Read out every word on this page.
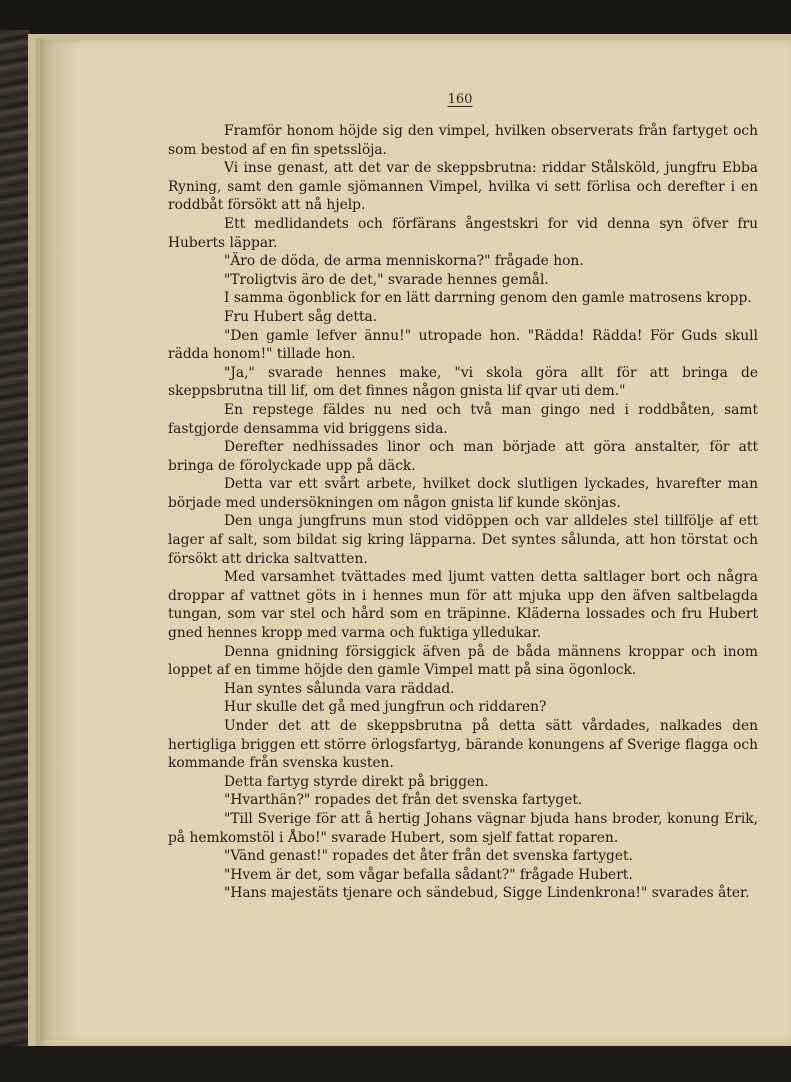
160

Framför honom höjde sig den vimpel, hvilken observerats från fartyget och som bestod af en fin spetsslöja.

Vi inse genast, att det var de skeppsbrutna: riddar Stålsköld, jungfru Ebba Ryning, samt den gamle sjömannen Vimpel, hvilka vi sett förlisa och derefter i en roddbåt försökt att nå hjelp.

Ett medlidandets och förfärans ångestskri for vid denna syn öfver fru Huberts läppar.

"Äro de döda, de arma menniskorna?" frågade hon.

"Troligtvis äro de det," svarade hennes gemål.

I samma ögonblick for en lätt darrning genom den gamle matrosens kropp.

Fru Hubert såg detta.

"Den gamle lefver ännu!" utropade hon. "Rädda! Rädda! För Guds skull rädda honom!" tillade hon.

"Ja," svarade hennes make, "vi skola göra allt för att bringa de skeppsbrutna till lif, om det finnes någon gnista lif qvar uti dem."

En repstege fäldes nu ned och två man gingo ned i roddbåten, samt fastgjorde densamma vid briggens sida.

Derefter nedhissades linor och man började att göra anstalter, för att bringa de förolyckade upp på däck.

Detta var ett svårt arbete, hvilket dock slutligen lyckades, hvarefter man började med undersökningen om någon gnista lif kunde skönjas.

Den unga jungfruns mun stod vidöppen och var alldeles stel tillfölje af ett lager af salt, som bildat sig kring läpparna. Det syntes sålunda, att hon törstat och försökt att dricka saltvatten.

Med varsamhet tvättades med ljumt vatten detta saltlager bort och några droppar af vattnet göts in i hennes mun för att mjuka upp den äfven saltbelagda tungan, som var stel och hård som en träpinne. Kläderna lossades och fru Hubert gned hennes kropp med varma och fuktiga ylledukar.

Denna gnidning försiggick äfven på de båda männens kroppar och inom loppet af en timme höjde den gamle Vimpel matt på sina ögonlock.

Han syntes sålunda vara räddad.

Hur skulle det gå med jungfrun och riddaren?

Under det att de skeppsbrutna på detta sätt vårdades, nalkades den hertigliga briggen ett större örlogsfartyg, bärande konungens af Sverige flagga och kommande från svenska kusten.

Detta fartyg styrde direkt på briggen.

"Hvarthän?" ropades det från det svenska fartyget.

"Till Sverige för att å hertig Johans vägnar bjuda hans broder, konung Erik, på hemkomstöl i Åbo!" svarade Hubert, som sjelf fattat roparen.

"Vänd genast!" ropades det åter från det svenska fartyget.

"Hvem är det, som vågar befalla sådant?" frågade Hubert.

"Hans majestäts tjenare och sändebud, Sigge Lindenkrona!" svarades åter.
